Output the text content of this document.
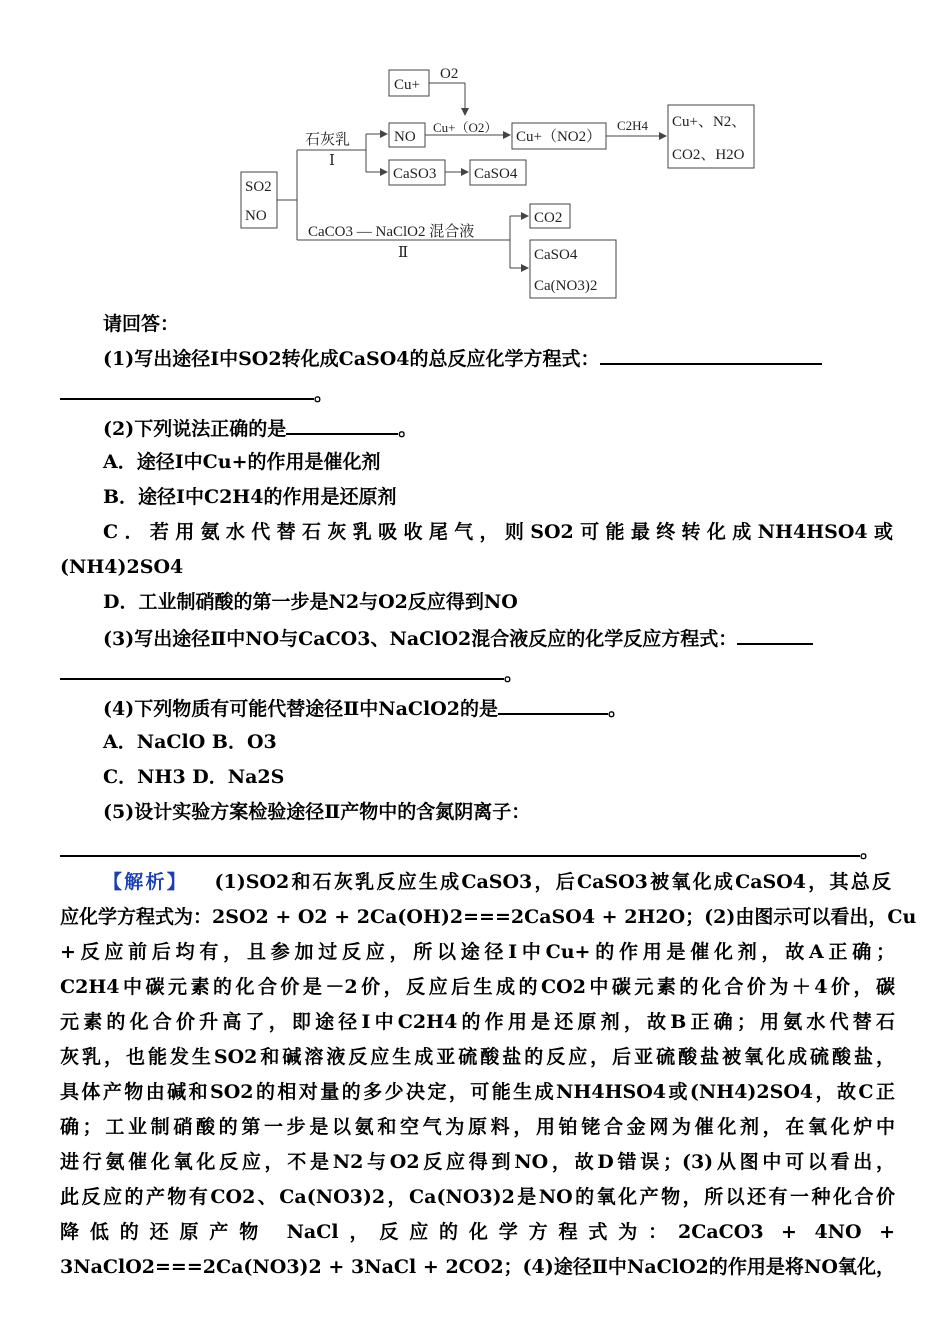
SO2
NO
石灰乳
Ⅰ
Cu+
O2
NO
Cu+（O2）
Cu+（NO2）
C2H4 Cu+、N2、
CO2、H2O
CaSO3	CaSO4
CaCO3 — NaClO2 混合液
Ⅱ
CO2
CaSO4
Ca(NO3)2
请回答：
(1)写出途径Ⅰ中SO2转化成CaSO4的总反应化学方程式：
。
(2)下列说法正确的是	。
A．途径Ⅰ中Cu+的作用是催化剂
B．途径Ⅰ中C2H4的作用是还原剂
C．若用氨水代替石灰乳吸收尾气，则SO2可能最终转化成NH4HSO4或
(NH4)2SO4
D．工业制硝酸的第一步是N2与O2反应得到NO
(3)写出途径Ⅱ中NO与CaCO3、NaClO2混合液反应的化学反应方程式：
。
(4)下列物质有可能代替途径Ⅱ中NaClO2的是	。
A．NaClO B．O3
C．NH3 D．Na2S
(5)设计实验方案检验途径Ⅱ产物中的含氮阴离子：
。
【解析】 (1)SO2和石灰乳反应生成CaSO3，后CaSO3被氧化成CaSO4，其总反
应化学方程式为：2SO2 + O2 + 2Ca(OH)2===2CaSO4 + 2H2O；(2)由图示可以看出，Cu
+反应前后均有，且参加过反应，所以途径Ⅰ中Cu+的作用是催化剂，故A正确；
C2H4中碳元素的化合价是－2价，反应后生成的CO2中碳元素的化合价为＋4价，碳
元素的化合价升高了，即途径Ⅰ中C2H4的作用是还原剂，故B正确；用氨水代替石
灰乳，也能发生SO2和碱溶液反应生成亚硫酸盐的反应，后亚硫酸盐被氧化成硫酸盐，
具体产物由碱和SO2的相对量的多少决定，可能生成NH4HSO4或(NH4)2SO4，故C正
确；工业制硝酸的第一步是以氨和空气为原料，用铂铑合金网为催化剂，在氧化炉中
进行氨催化氧化反应，不是N2与O2反应得到NO，故D错误；(3)从图中可以看出，
此反应的产物有CO2、Ca(NO3)2，Ca(NO3)2是NO的氧化产物，所以还有一种化合价
降低的还原产物 NaCl，反应的化学方程式为：2CaCO3 + 4NO +
3NaClO2===2Ca(NO3)2 + 3NaCl + 2CO2；(4)途径Ⅱ中NaClO2的作用是将NO氧化，
